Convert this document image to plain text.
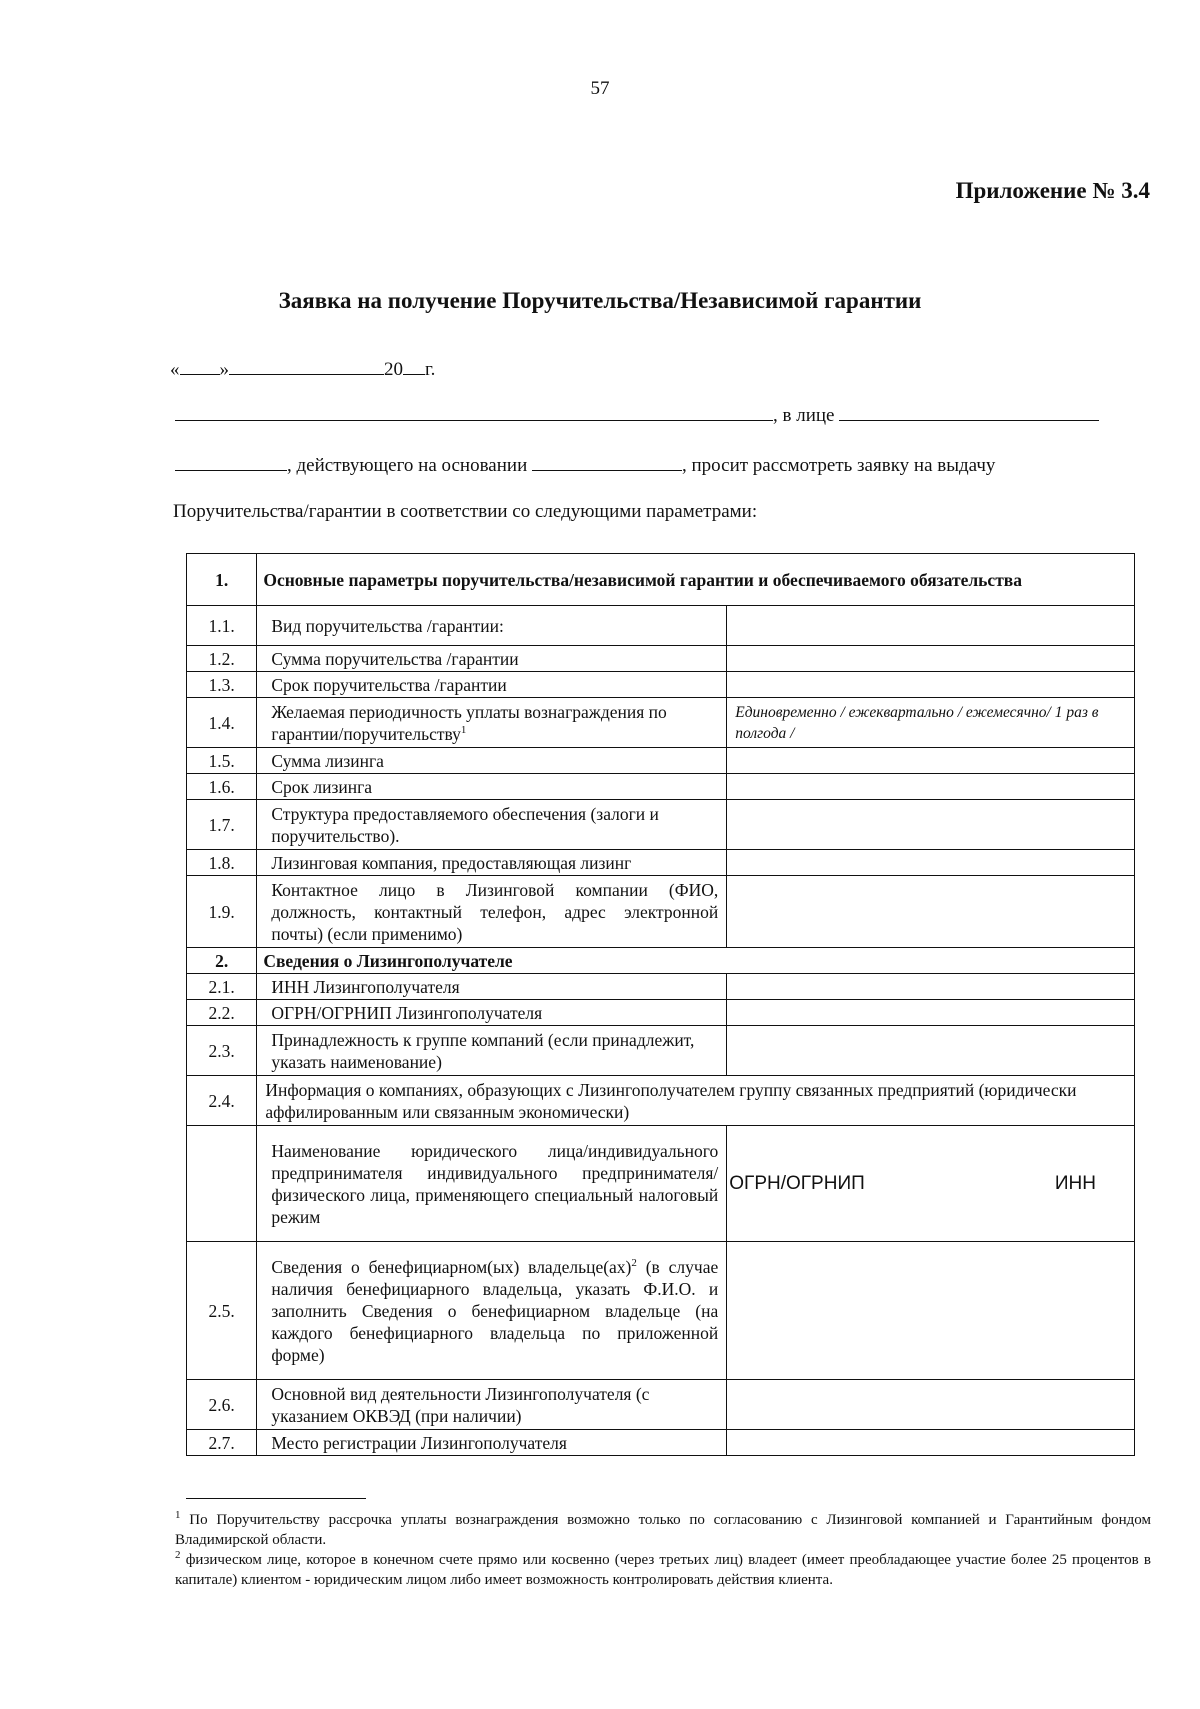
57
Приложение № 3.4
Заявка на получение Поручительства/Независимой гарантии
« »	20 г.
, в лице
, действующего на основании	, просит рассмотреть заявку на выдачу
Поручительства/гарантии в соответствии со следующими параметрами:
1.	Основные параметры поручительства/независимой гарантии и обеспечиваемого обязательства	
1.1.	Вид поручительства /гарантии:	
1.2.	Сумма поручительства /гарантии	
1.3.	Срок поручительства /гарантии	
1.4.	Желаемая периодичность уплаты вознаграждения по гарантии/поручительству$^1$	Единовременно / ежеквартально / ежемесячно/ 1 раз в полгода /
1.5.	Сумма лизинга	
1.6.	Срок лизинга	
1.7.	Структура предоставляемого обеспечения (залоги и поручительство).	
1.8.	Лизинговая компания, предоставляющая лизинг	
1.9.	Контактное лицо в Лизинговой компании (ФИО, должность, контактный телефон, адрес электронной почты) (если применимо)	
2.	Сведения о Лизингополучателе	
2.1.	ИНН Лизингополучателя	
2.2.	ОГРН/ОГРНИП Лизингополучателя	
2.3.	Принадлежность к группе компаний (если принадлежит, указать наименование)	
2.4.	Информация о компаниях, образующих с Лизингополучателем группу связанных предприятий (юридически аффилированным или связанным экономически)	
	Наименование юридического лица/индивидуального предпринимателя индивидуального предпринимателя/физического лица, применяющего специальный налоговый режим	ОГРН/ОГРНИП ИНН

2.5.	Сведения о бенефициарном(ых) владельце(ах)$^2$ (в случае наличия бенефициарного владельца, указать Ф.И.О. и заполнить Сведения о бенефициарном владельце (на каждого бенефициарного владельца по приложенной форме)	
2.6.	Основной вид деятельности Лизингополучателя (с указанием ОКВЭД (при наличии)	
2.7.	Место регистрации Лизингополучателя	

$^1$ По Поручительству рассрочка уплаты вознаграждения возможно только по согласованию с Лизинговой компанией и Гарантийным фондом Владимирской области.

$^2$ физическом лице, которое в конечном счете прямо или косвенно (через третьих лиц) владеет (имеет преобладающее участие более 25 процентов в капитале) клиентом - юридическим лицом либо имеет возможность контролировать действия клиента.
